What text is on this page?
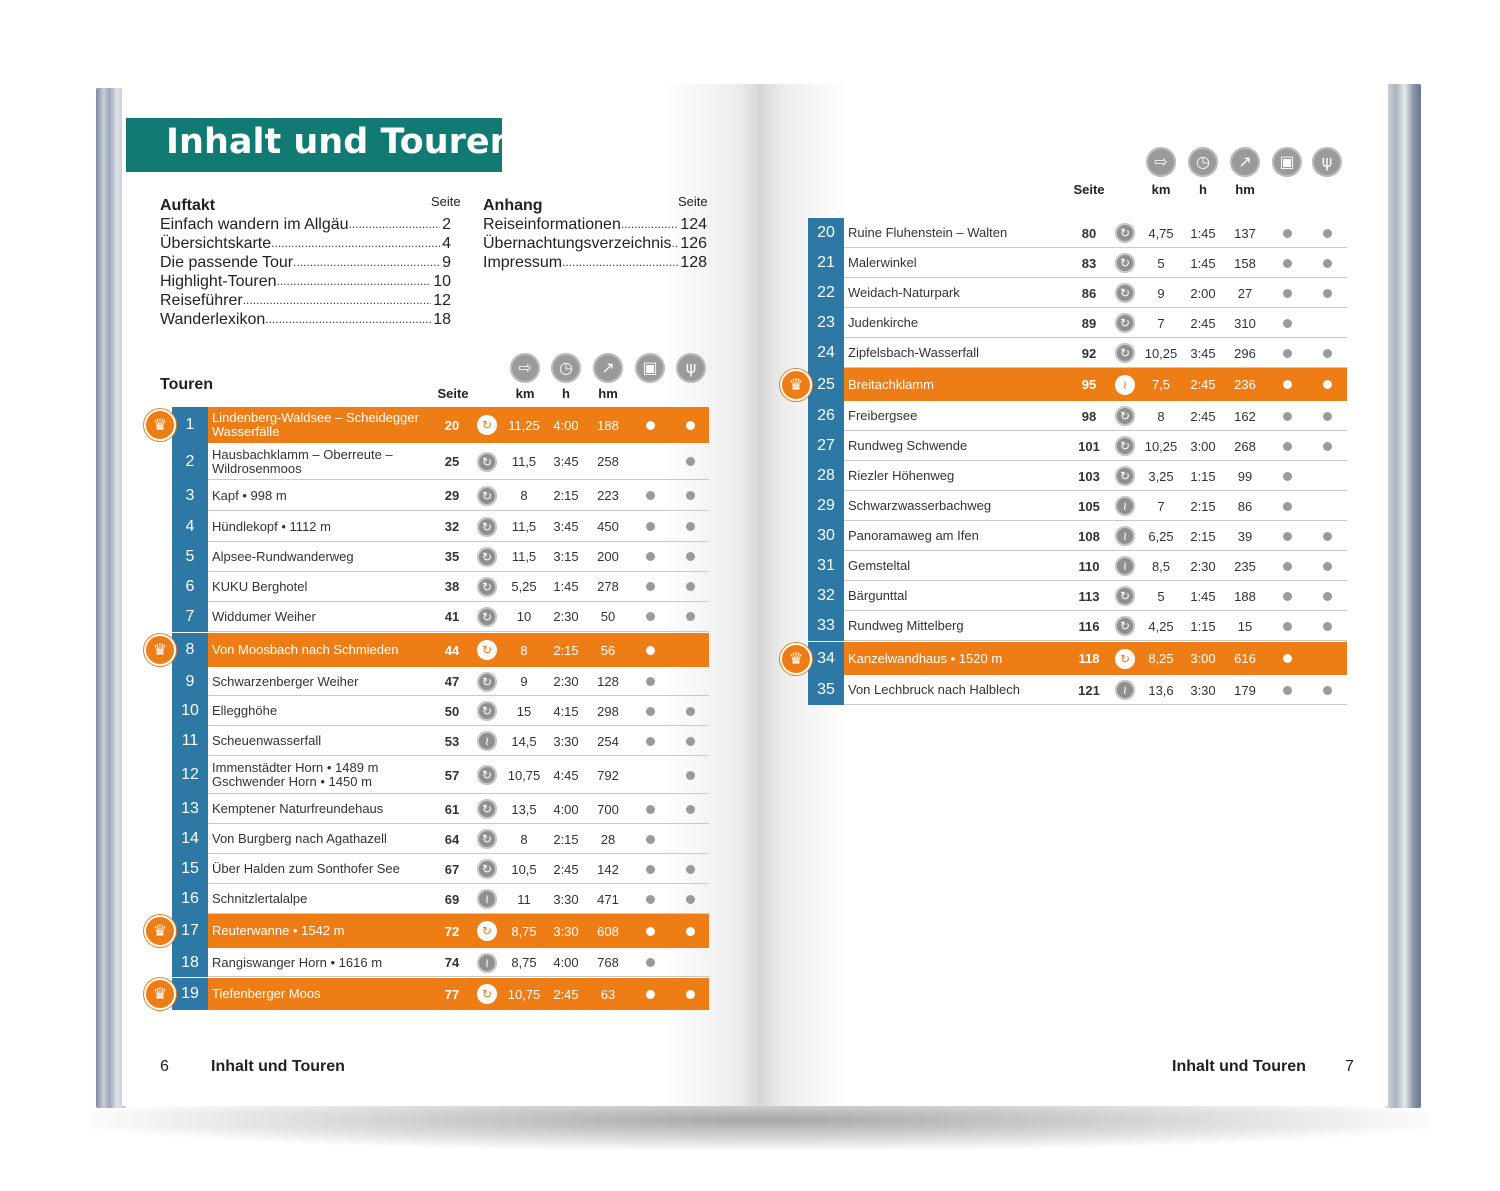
Inhalt und Touren
Auftakt	Seite
Einfach wandern im Allgäu .....	2
Übersichtskarte .....	4
Die passende Tour .....	9
Highlight-Touren .....	10
Reiseführer .....	12
Wanderlexikon .....	18
Anhang	Seite
Reiseinformationen .....	124
Übernachtungsverzeichnis ..... 126
Impressum .....	128
Touren
Seite	km	h	hm
⇨	◷	↗	▣	ψ
Seite	km	h	hm
⇨	◷	↗	▣	ψ
1	Lindenberg-Waldsee – Scheidegger Wasserfälle	20	↻	11,25	4:00	188
♛
2	Hausbachklamm – Oberreute – Wildrosenmoos	25	↻	11,5	3:45	258
3	Kapf • 998 m	29	↻	8	2:15	223
4	Hündlekopf • 1112 m	32	↻	11,5	3:45	450
5	Alpsee-Rundwanderweg	35	↻	11,5	3:15	200
6	KUKU Berghotel	38	↻	5,25	1:45	278
7	Widdumer Weiher	41	↻	10	2:30	50
8	Von Moosbach nach Schmieden	44	↻	8	2:15	56
♛
9	Schwarzenberger Weiher	47	↻	9	2:30	128
10	Ellegghöhe	50	↻	15	4:15	298
11	Scheuenwasserfall	53	≀	14,5	3:30	254
12	Immenstädter Horn • 1489 m Gschwender Horn • 1450 m	57	↻	10,75	4:45	792
13	Kemptener Naturfreundehaus	61	↻	13,5	4:00	700
14	Von Burgberg nach Agathazell	64	↻	8	2:15	28
15	Über Halden zum Sonthofer See	67	↻	10,5	2:45	142
16	Schnitzlertalalpe	69	≀	11	3:30	471
17	Reuterwanne • 1542 m	72	↻	8,75	3:30	608
♛
18	Rangiswanger Horn • 1616 m	74	≀	8,75	4:00	768
19	Tiefenberger Moos	77	↻	10,75	2:45	63
♛
20	Ruine Fluhenstein – Walten	80	↻	4,75	1:45	137
21	Malerwinkel	83	↻	5	1:45	158
22	Weidach-Naturpark	86	↻	9	2:00	27
23	Judenkirche	89	↻	7	2:45	310
24	Zipfelsbach-Wasserfall	92	↻	10,25	3:45	296
25	Breitachklamm	95	≀	7,5	2:45	236
♛
26	Freibergsee	98	↻	8	2:45	162
27	Rundweg Schwende	101	↻	10,25	3:00	268
28	Riezler Höhenweg	103	↻	3,25	1:15	99
29	Schwarzwasserbachweg	105	≀	7	2:15	86
30	Panoramaweg am Ifen	108	≀	6,25	2:15	39
31	Gemsteltal	110	≀	8,5	2:30	235
32	Bärgunttal	113	↻	5	1:45	188
33	Rundweg Mittelberg	116	↻	4,25	1:15	15
34	Kanzelwandhaus • 1520 m	118	↻	8,25	3:00	616
♛
35	Von Lechbruck nach Halblech	121	≀	13,6	3:30	179
6	Inhalt und Touren	Inhalt und Touren 7
